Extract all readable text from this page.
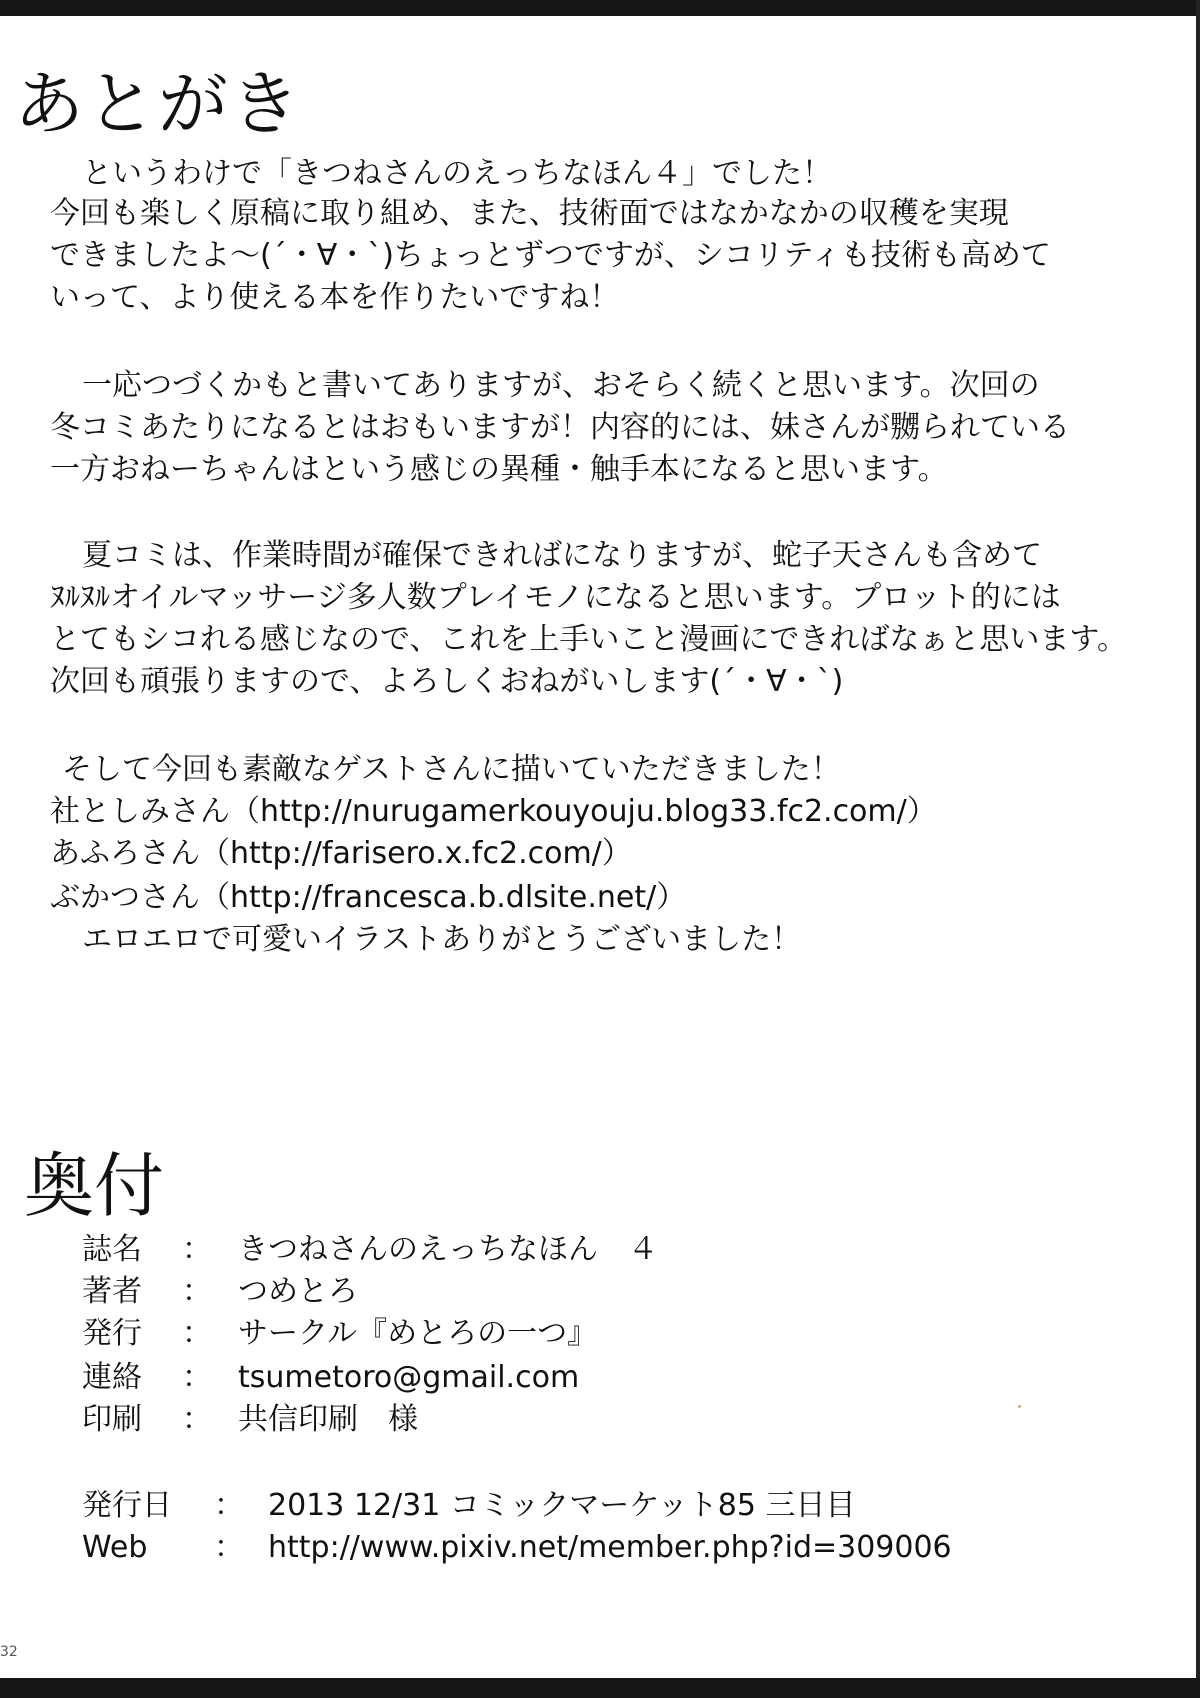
あとがき
というわけで「きつねさんのえっちなほん４」でした！
今回も楽しく原稿に取り組め、また、技術面ではなかなかの収穫を実現
できましたよ〜(´・∀・`)ちょっとずつですが、シコリティも技術も高めて
いって、より使える本を作りたいですね！
一応つづくかもと書いてありますが、おそらく続くと思います。次回の
冬コミあたりになるとはおもいますが！内容的には、妹さんが嬲られている
一方おねーちゃんはという感じの異種・触手本になると思います。
夏コミは、作業時間が確保できればになりますが、蛇子天さんも含めて
ﾇﾙﾇﾙオイルマッサージ多人数プレイモノになると思います。プロット的には
とてもシコれる感じなので、これを上手いこと漫画にできればなぁと思います。
次回も頑張りますので、よろしくおねがいします(´・∀・`)
そして今回も素敵なゲストさんに描いていただきました！
社としみさん（http://nurugamerkouyouju.blog33.fc2.com/）
あふろさん（http://farisero.x.fc2.com/）
ぶかつさん（http://francesca.b.dlsite.net/）
エロエロで可愛いイラストありがとうございました！
奥付
誌名 ： きつねさんのえっちなほん　４
著者 ： つめとろ
発行 ： サークル『めとろの一つ』
連絡 ： tsumetoro@gmail.com
印刷 ： 共信印刷　様
発行日 ： 2013 12/31 コミックマーケット85 三日目
Web ： http://www.pixiv.net/member.php?id=309006
32
